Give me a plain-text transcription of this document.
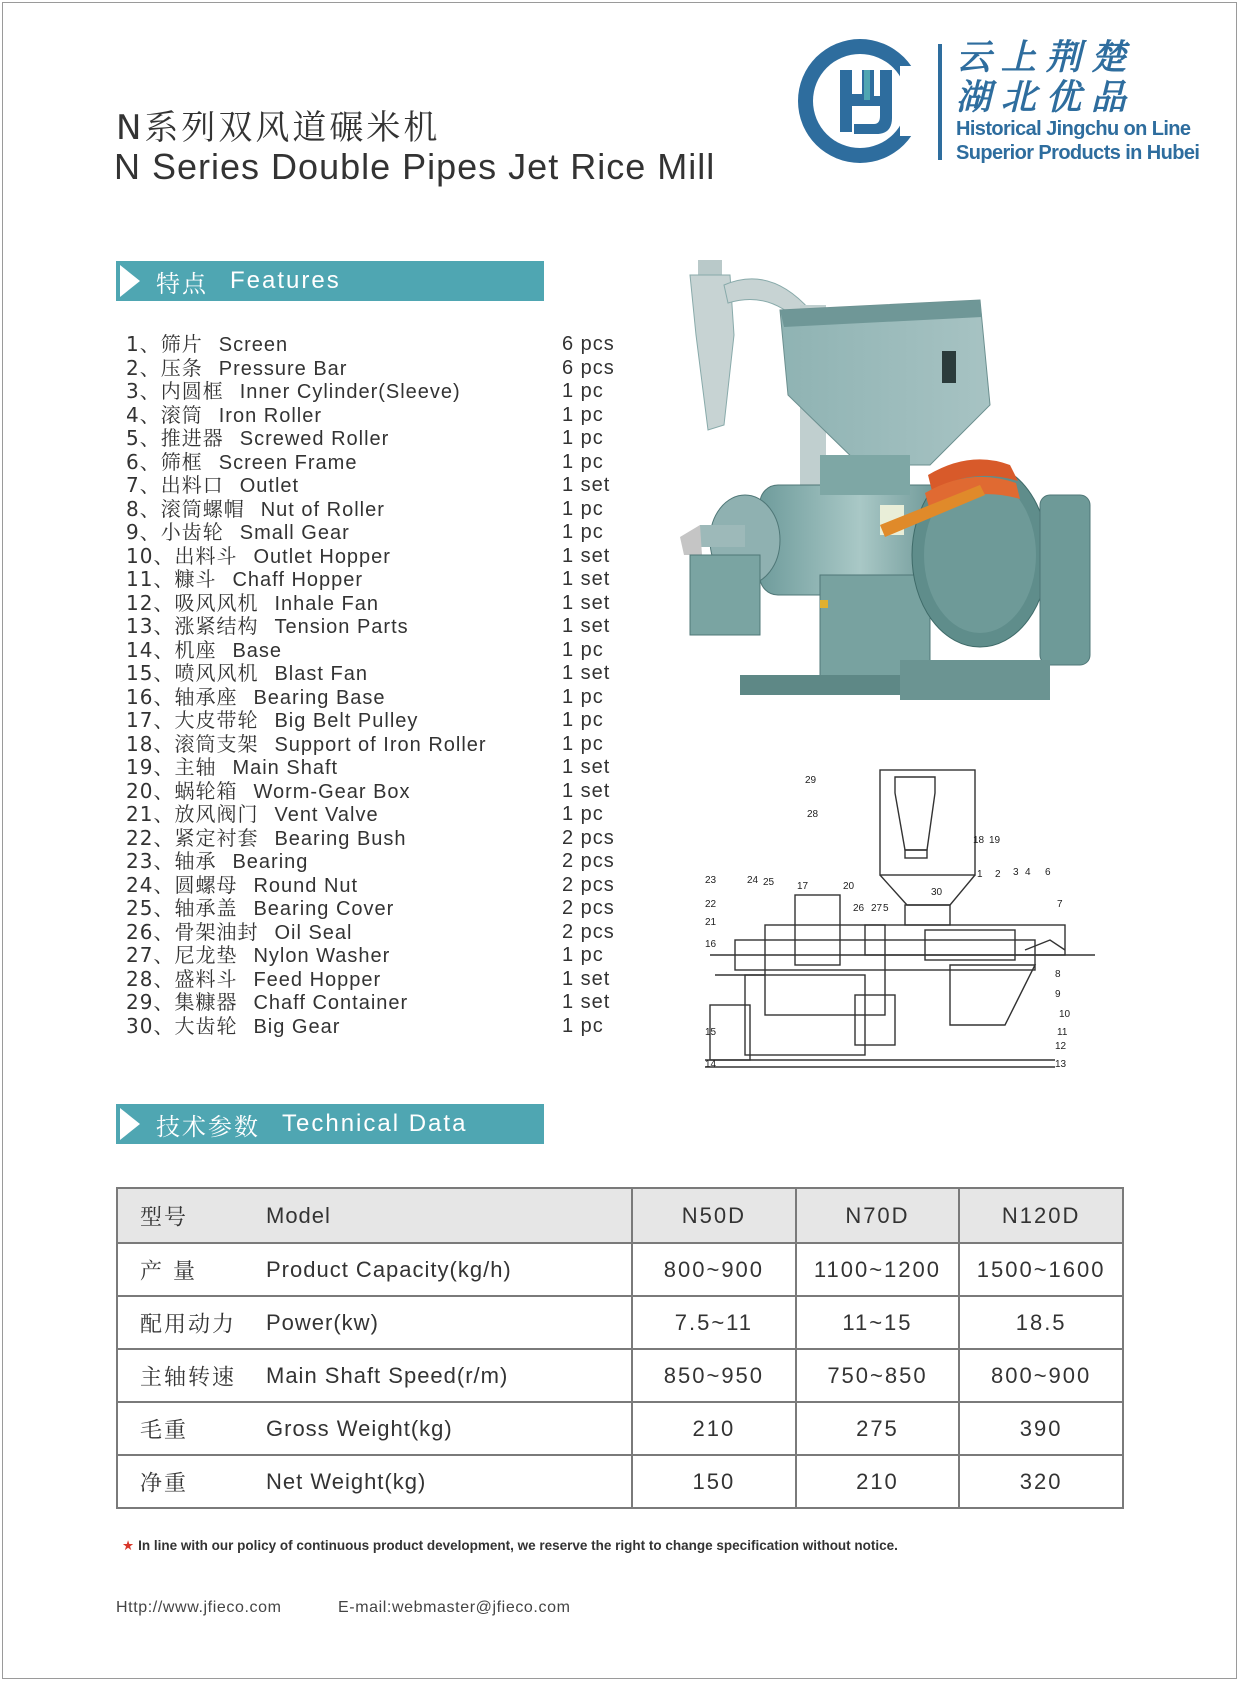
N系列双风道碾米机
N Series Double Pipes Jet Rice Mill
云上荆楚
湖北优品
Historical Jingchu on Line
Superior Products in Hubei
特点 Features
1、筛片 Screen	6 pcs
2、压条 Pressure Bar	6 pcs
3、内圆框 Inner Cylinder(Sleeve)	1 pc
4、滚筒 Iron Roller	1 pc
5、推进器 Screwed Roller	1 pc
6、筛框 Screen Frame	1 pc
7、出料口 Outlet	1 set
8、滚筒螺帽 Nut of Roller	1 pc
9、小齿轮 Small Gear	1 pc
10、出料斗 Outlet Hopper	1 set
11、糠斗 Chaff Hopper	1 set
12、吸风风机 Inhale Fan	1 set
13、涨紧结构 Tension Parts	1 set
14、机座 Base	1 pc
15、喷风风机 Blast Fan	1 set
16、轴承座 Bearing Base	1 pc
17、大皮带轮 Big Belt Pulley	1 pc
18、滚筒支架 Support of Iron Roller	1 pc
19、主轴 Main Shaft	1 set
20、蜗轮箱 Worm-Gear Box	1 set
21、放风阀门 Vent Valve	1 pc
22、紧定衬套 Bearing Bush	2 pcs
23、轴承 Bearing	2 pcs
24、圆螺母 Round Nut	2 pcs
25、轴承盖 Bearing Cover	2 pcs
26、骨架油封 Oil Seal	2 pcs
27、尼龙垫 Nylon Washer	1 pc
28、盛料斗 Feed Hopper	1 set
29、集糠器 Chaff Container	1 set
30、大齿轮 Big Gear	1 pc
29
28
18 19
23	24 25 17	20
30
1 2 3 4 6
7
22
21
26 27 5
16
8
9
10
11
15
12
14	13
技术参数 Technical Data
型号 Model	N50D	N70D	N120D

产 量 Product Capacity(kg/h)	800~900	1100~1200	1500~1600

配用动力 Power(kw)	7.5~11	11~15	18.5

主轴转速 Main Shaft Speed(r/m)	850~950	750~850	800~900

毛重 Gross Weight(kg)	210	275	390

净重 Net Weight(kg)	150	210	320
★ In line with our policy of continuous product development, we reserve the right to change specification without notice.
Http://www.jfieco.com	E-mail:webmaster@jfieco.com
